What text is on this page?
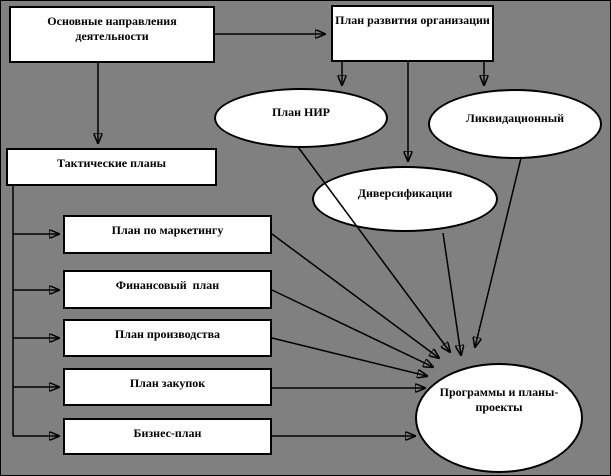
Основные направления деятельности
План развития организации
Тактические планы
План по маркетингу
Финансовый  план
План производства
План закупок
Бизнес-план
План НИР	Ликвидационный
Диверсификации
Программы и планы-проекты
